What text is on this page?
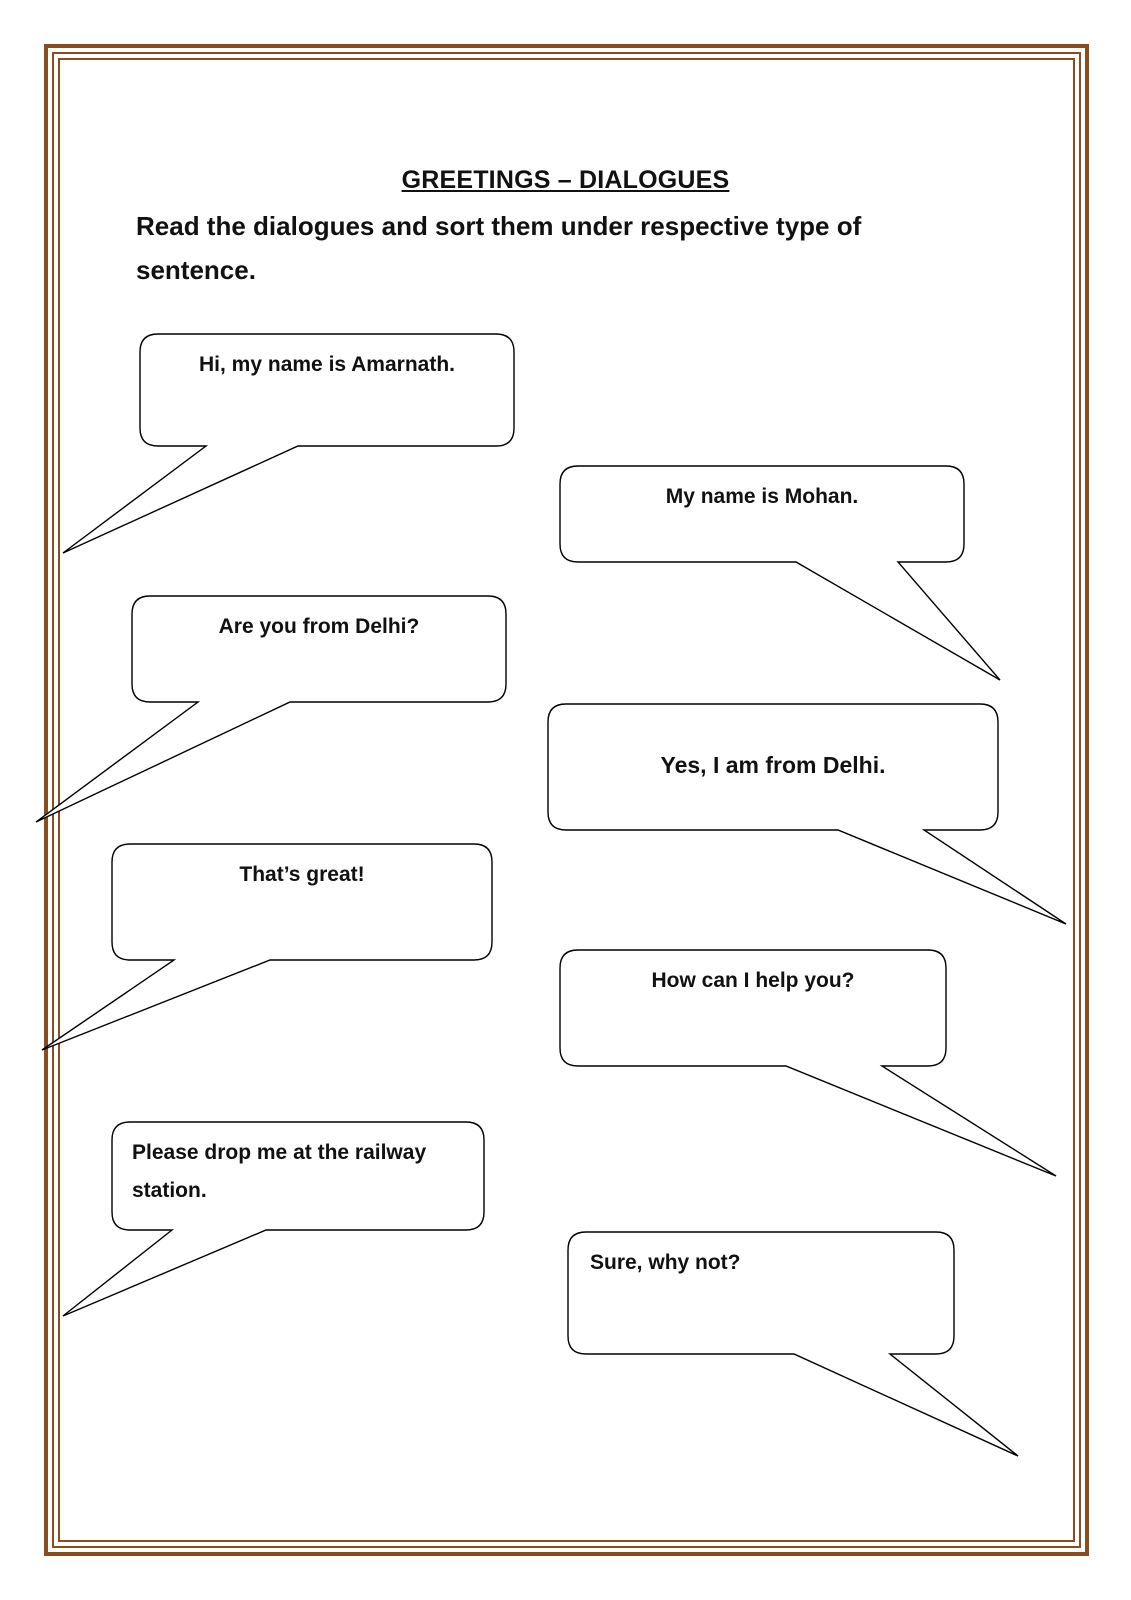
GREETINGS – DIALOGUES
Read the dialogues and sort them under respective type of sentence.
Hi, my name is Amarnath.
My name is Mohan.
Are you from Delhi?
Yes, I am from Delhi.
That’s great!
How can I help you?
Please drop me at the railway station.
Sure, why not?
